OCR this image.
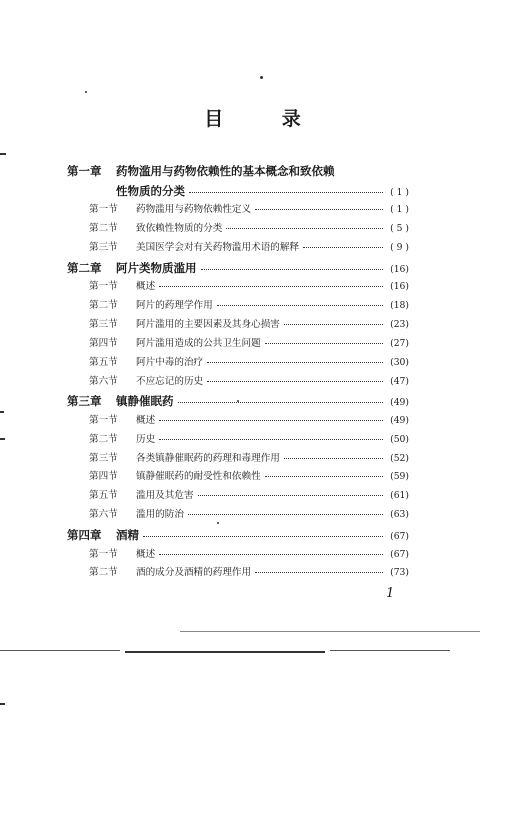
目 录
第一章	药物滥用与药物依赖性的基本概念和致依赖
性物质的分类	( 1 )
第一节	药物滥用与药物依赖性定义	( 1 )
第二节	致依赖性物质的分类	( 5 )
第三节	美国医学会对有关药物滥用术语的解释	( 9 )
第二章	阿片类物质滥用	(16)
第一节	概述	(16)
第二节	阿片的药理学作用	(18)
第三节	阿片滥用的主要因素及其身心损害	(23)
第四节	阿片滥用造成的公共卫生问题	(27)
第五节	阿片中毒的治疗	(30)
第六节	不应忘记的历史	(47)
第三章	镇静催眠药	(49)
第一节	概述	(49)
第二节	历史	(50)
第三节	各类镇静催眠药的药理和毒理作用	(52)
第四节	镇静催眠药的耐受性和依赖性	(59)
第五节	滥用及其危害	(61)
第六节	滥用的防治	(63)
第四章	酒精	(67)
第一节	概述	(67)
第二节	酒的成分及酒精的药理作用	(73)
1
